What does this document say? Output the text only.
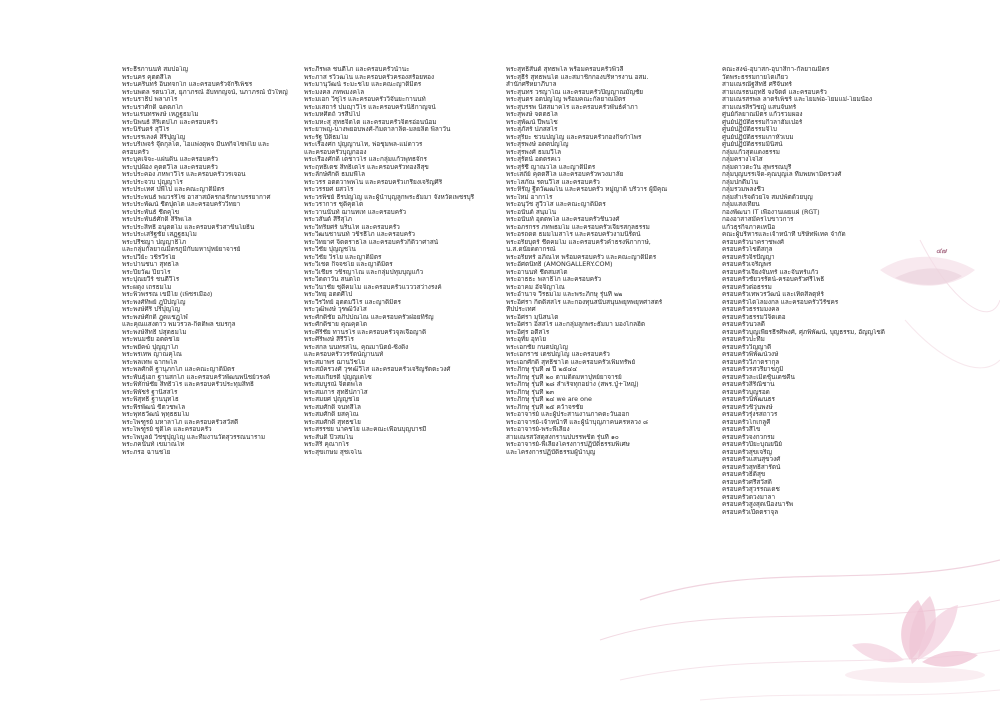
พระธีรภานนท์ สมปอโญ
พระนคร คุตตสีโล
พระนครินทร์ อินทจกโก และครอบครัวจักรีเพ็ชร
พระนพดล รตนวโส, ยุภาภรณ์ อับทกญจน์, นภาภรณ์ บัวใหญ่
พระนราธิป พลาภโร
พระนราศักดิ์ ฉตตภโก
พระนเรนทรพงษ์ เหฎฐธมโม
พระนิพนธ์ สิริเตปโภ และครอบครัว
พระนิรันดร์ สุวีโร
พระบรรเลงค์ สิริปุญโญ
พระบริเพจร์ จุ๊ดกุลโต, ไอแพ่งตุพจ มีนทกิจโซฟโย และ
ครอบครัว
พระบุคเจ็จะ-แผ่นดิน และครอบครัว
พระบุปผ้อง คุตตวีโล และครอบครัว
พระประคอง ภหพาวีโร และครอบครัววรเจอน
พระประจวบ ปุญญาโร
พระประเทศ ปพีโป และคณะญาติมิตร
พระประพนธ์ พมวรริโซ อาสาสมัครกอรักษาบรรยากาศ
พระประพัฒน์ ชี๊ตปุตโต และครอบครัววิทยา
พระประพันธ์ ชี๊ตคุโข
พระประพันธ์ศักดิ์ สิริพเโล
พระประสิทธิ์ อนุตตโม และครอบครัวสาขินโยธิน
พระประเสริฐชัย เสฏฐธมฺโม
พระปรีชญา ปญญาธิโภ
และกลุ่มกัลยาณมิตรภูมิกับมหาปุหย์ยาจารย์
พระปวีย์ะ วชิรวีรโย
พระปานชนา สุทธโล
พระปิยวัฒ ปิยวโร
พระปุณยวีร์ ชนตีวีโร
พระผดุง เถรธมโม
พระพิวพรรณ เขมีโย (เพ็ชรเมือง)
พระพงศ์ทิพย์ ฎุปิปญโญ
พระพงษ์ศิริ ปริปุญโญ
พระพงษ์ศักดิ์ ฎูดแชฎุโฬ
และคุณแสงดาว พมวรวล-กิตติพล ขมรกุล
พระพงษ์สิทธิ์ ปสุตธมโม
พระพนมชัย อตตชโย
พระพยัคฆ์ ปุญญาโภ
พระพรเทพ ญาณคุโณ
พระพลเทพ ฉากพโล
พระพลศักดิ์ ฐานุภกโภ และคณะญาติมิตร
พระพันธุ์เอก ฐานสกโภ และครอบครัวพัฒนพนิชย์วรงค์
พระพิทักษ์ชัย สิทธิวโร และครอบครัวประทุมสิทธิ์
พระพิพัชร์ ฐานิสสโร
พระพิสุทธิ์ ฐานนุทโธ
พระพีรพัฒน์ ขี้ตวชพโล
พระพุทธวัฒน์ พุทฺธธมโม
พระไพฑูรย์ มหาลาโภ และครอบครัวสวัสดี
พระไพฑูรย์ ชุติโค และครอบครัว
พระไพบูลย์ วิชชุปุญโญ และทีมงานวัดสุวรรณนาราม
พระภคนันท์ เขมาณโท
พระภรอ ฉานชโย
พระภีรพล ชนตีโภ และครอบครัวน้ำนะ
พระภาส รวิวฒโน และครอบครัวครองสร้อยทอง
พระมานุวัฒน์ ระมะชโย และคณะญาติมิตร
พระมงคล ภทพมงคโล
พระมเอก วิชุโร และครอบครัววิจันยะกานนท์
พระมเสถาร์ ปมญฺาวีโร และครอบครัวนิธิกาญจน์
พระมหศิตถ์ วรสีปโป
พระมหะสุ สุทธจิตโต และครอบครัวจิตรอ่อนน้อม
พระยาพญ-นางพยอบพงศ์-กิมดาลาลิต-มลยลิต พิลาวัน
พระรัฐ ปิติธมโม
พระเรืองศก ปุญญานโท, พ่อชุมพล-แม่ดาวร
และครอบครัวบุญกออง
พระเรืองศักดิ์ เตชาวโร และกลุ่มแก้วพุทธจักร
พระฤทธิเดช สิทธิเตโร และครอบครัวทองลีสุข
พระลักษ์ศักดิ์ ธมมพีโล
พระวรร อตตวาพพโน และครอบครัวเกรียงเจริญศิริ
พระวรรยศ ยสวโร
พระวรพิชย์ ธีรปญโญ และผู้นำบุญลูกพระธัมมา จังหวัดเพชรบุรี
พระวราการ ชุติคุตโต
พระวานนันท์ ฌานทเท และครอบครัว
พระวสันต์ สีรีสุโภ
พระวิทริยศร์ นรินโท และครอบครัว
พระวิฒนชานนท์ วชิรธีโภ และครอบครัว
พระวิทยาศ จิตตราธโล และครอบครัวกิติวาศาสน์
พระวิชัย ปุญญชโน
พระวิชัย วิรโย และญาติมิตร
พระวิเชต กิจจชโย และญาติมิตร
พระวิเชียร วชิรญาโณ และกลุ่มปทุมบุญแก้ว
พระวิตตาวัน สนตโถ
พระวินาชัย ชุติคมโม และครอบครัวแวววสว่างรงค์
พระวิทยุ อตตศีโป
พระวีรวิทย์ อุตตมวีโร และญาติมิตร
พระวุฒิพงษ์ วุฑฒิวังโส
พระศักดิ์ชัย อภิปปณโณ และครอบครัวฝอยทิรัญ
พระศักดิ์ชาย คุณคุตโต
พระศิริชัย ทานรโร และครอบครัวจุลเจือญาติ
พระศิริพงษ์ สีรีวีโร
พระสกล นนทรสโน, คุณมานิตย์-ซิ้งดิ้ง
และครอบครัววรรัตน์ญานนท์
พระสมาพร ฌานวิชโย
พระสมัครวงศ์ วุฑฒิวีโส และครอบครัวเจริญรัตตะวงศ์
พระสมเกียรติ ปุญญเตโซ
พระสมบูรณ์ จิตตพโล
พระสมภาร สุทธิปภาโส
พระสมยศ ปุญญชโย
พระสมศักดิ์ จนทสีโล
พระสมศักดิ์ ยสคุโณ
พระสมศักดิ์ สุทธชโย
พระสรรชย นาคชโย และคณะเพื่อนบุญบารมี
พระสันติ ปิวสมโน
พระสิริ คุณากโร
พระสุขเกษม สุชเจโน
พระสุทธิสันต์ สุทธพโล พร้อมครอบครัวพิวลี
พระสุธีร์ สุทธพนโต และสมาชิกกองบริหารงาน อสม.
สำนักศรีหยาภีบาล
พระสุนทร วรญาโณ และครอบครัวปิญญาณมัญชัย
พระสุนตร อตปญโญ พร้อมคณะกัลยาณมิตร
พระสุบรรพ นิสสมาคโร และครอบครัวพันธ์คำภา
พระสุพงษ์ จตตธโล
พระสุพัฒน์ ปีพนโช
พระสุภัสร์ ปภสสโร
พระสุริยะ ชวนปญโญ และครอบครัวกองกิจกำไพร
พระสุรพงษ์ อตตปญโญ
พระสุรพงศ์ ธมมวีโล
พระสุรัตน์ อตตรคเว
พระสุรัชี ญาณวโล และญาติมิตร
พระเสถัย์ คุตตสีโล และครอบครัวพวงมาลัย
พระโสภัณ รตนวีโส และครอบครัว
พระหิรัญ ฐีตวัฒฒโน และครอบครัว หมู่ญาติ บริวาร ผู้มีคุณ
พระใหม่ อากาโร
พระอนุวัช สูวีวโส และคณะญาติมิตร
พระอนันต์ สนฺมโน
พระอนันท์ อุตตพโล และครอบครัวชินวงศ์
พระอภรกรร ภทพธมโม และครอบครัวเจียรสกุลธรรม
พระอรถดต ธมมโมสาโร และครอบครัวงามนิรัตน์
พระอริยบุตร์ ชี๊ตคมโม และครอบครัวค้ำธรงพิภากาษ์,
น.ส.ดนัยดดากรณ์
พระอริยทร์ อภิณโท พร้อมครอบครัว และคณะญาติมิตร
พระอัศตนิทธิ์ (AMONGALLERY.COM)
พระอานนท์ ชี๊ตสมสโต
พระอาธธะ พลาธิโก และครอบครัว
พระอาคม อัจจิญาโณ
พระอำนาจ วีรธมโม และพระภิกษุ รุ่นที่ ๒๒
พระอิศรา กิตติสสโร และกองทุนสนับสนุนพยุหพยุหศาสตร์
ทีปประเทศ
พระอิศรา มุนิสนโต
พระอิศรา อิสสโร และกลุ่มลูกพระธัมมา มองไกลฮิต
พระอิศุร อตีสโร
พระอุทัย อุทโย
พระเอกชัย กนตปญโญ
พระเอกราช เตชปญโญ และครอบครัว
พระเอกศักดิ์ สุทธิชาโต และครอบครัวเพิ่มทรัพย์
พระภิกษุ รุ่นที่ ๗ ปี ๒๕๔๔
พระภิกษุ รุ่นที่ ๒๐ ตามติดมหาปุหย์ยาจารย์
พระภิกษุ รุ่นที่ ๒๘ สำเร็จทุกอย่าง (สพร.ปู่+ใหญ่)
พระภิกษุ รุ่นที่ ๒๓
พระภิกษุ รุ่นที่ ๒๔ we are one
พระภิกษุ รุ่นที่ ๒๕ คว้าจรชัย
พระอาจารย์ และผู้ประสานงานภาคตะวันออก
พระอาจารย์-เจ้าหน้าที่ และผู้นำบุญภาคนครหลวง ๘
พระอาจารย์-พระพี่เลี้ยง
สามเณรสวัสดุสงกรานปบรรพชิต รุ่นที่ ๑๐
พระอาจารย์-พี่เลี้ยงโครงการปฏิบัติธรรมพิเศษ
และโครงการปฏิบัติธรรมผู้นำบุญ
คณะสงฆ์-อุบาสก-อุบาสิกา-กัลยาณมิตร
วัดพระธรรมกายโตเกียว
สามเณรณัฐสิทธิ์ ศรีจันทร์
สามเณรธนฤทธิ์ จงจิตต์ และครอบครัว
สามเณรสรพล ลาตร์เพ็ชร์ และโยมพ่อ-โยมแม่-โยมน้อง
สามเณรสิรวิชญ์ แสนจันทร์
ศูนย์กัลยาณมิตร แก้วรวมผอง
ศูนย์ปฏิบัติธรรมกิวลาฮัมเปอร์
ศูนย์ปฏิบัติธรรมจิโบ
ศูนย์ปฏิบัติธรรมเกาหัวเบม
ศูนย์ปฏิบัติธรรมมินิสน์
กลุ่มแก้วสุดแดงธรรม
กลุ่มครางโจไส
กลุ่มดาวตะวัน สุพรรณบุรี
กลุ่มบุญบรรเจิด-คุณบุญเล ทีมพยพามิตรวงศ์
กลุ่มปกดีมโน
กลุ่มรวมพลงชีว
กลุ่มสำเร็จด้วยใจ สมปพ์ตด้วยบุญ
กลุ่มแสงเทียน
กองพัฒนา IT เพื่องานเผยแผ่ (RGT)
กองอาสาสมัครโบขาวการ
แก้วธุรกิจภาคเหนือ
คณะผู้บริหารและเจ้าหน้าที่ บริษัทพิเทค จำกัด
ครอบครัวนาคราชพงศ์
ครอบครัวโชติสกุล
ครอบครัวจิรปัญญา
ครอบครัวเจริญพร
ครอบครัวเจียงจันทร์ และจันทร์แก้ว
ครอบครัวชัยวรรัตน์-ครอบครัวศรีโพธิ
ครอบครัวต่อธรรม
ครอบครัวเทพวรวัฒน์ และเทิดสิลตุห์ร์
ครอบครัวไตโลมงกล และครอบครัววิรัชคร
ครอบครัวธรรมมงคล
ครอบครัวธรรมวิจิตเตอ
ครอบครัวนวลดี
ครอบครัวบุญเพียรธีรศิพงศ์, ศุภพิพัฒน์, บุญธรรม, อัญญโชติ
ครอบครัวปะทีม
ครอบครัววิญญาดี
ครอบครัวพิพัฒน์วงษ์
ครอบครัววิภาตรากุล
ครอบครัวรสวรียาชภูมิ
ครอบครัวละเมิดชุ้นเดชคืน
ครอบครัวสิริณิชาน
ครอบครัวบุญรอด
ครอบครัวนิพัฒนธร
ครอบครัวชิวุ่นพงษ์
ครอบครัวรุ่งรสถาวร
ครอบครัวโกเกลูคี
ครอบครัวสีไข
ครอบครัวจงกวกรม
ครอบครัวปิยะบุณยนีย์
ครอบครัวสุขเจริญ
ครอบครัวแสนสุขวงศ์
ครอบครัวสุทธิสารัตน์
ครอบครัวธิติสุข
ครอบครัวศรีสวัสดิ์
ครอบครัวสุวรรณเดช
ครอบครัวดวงมาลา
ครอบครัวสูงสุดเนื่องนารัพ
ครอบครัวเปิดตราจุล
๔๗
